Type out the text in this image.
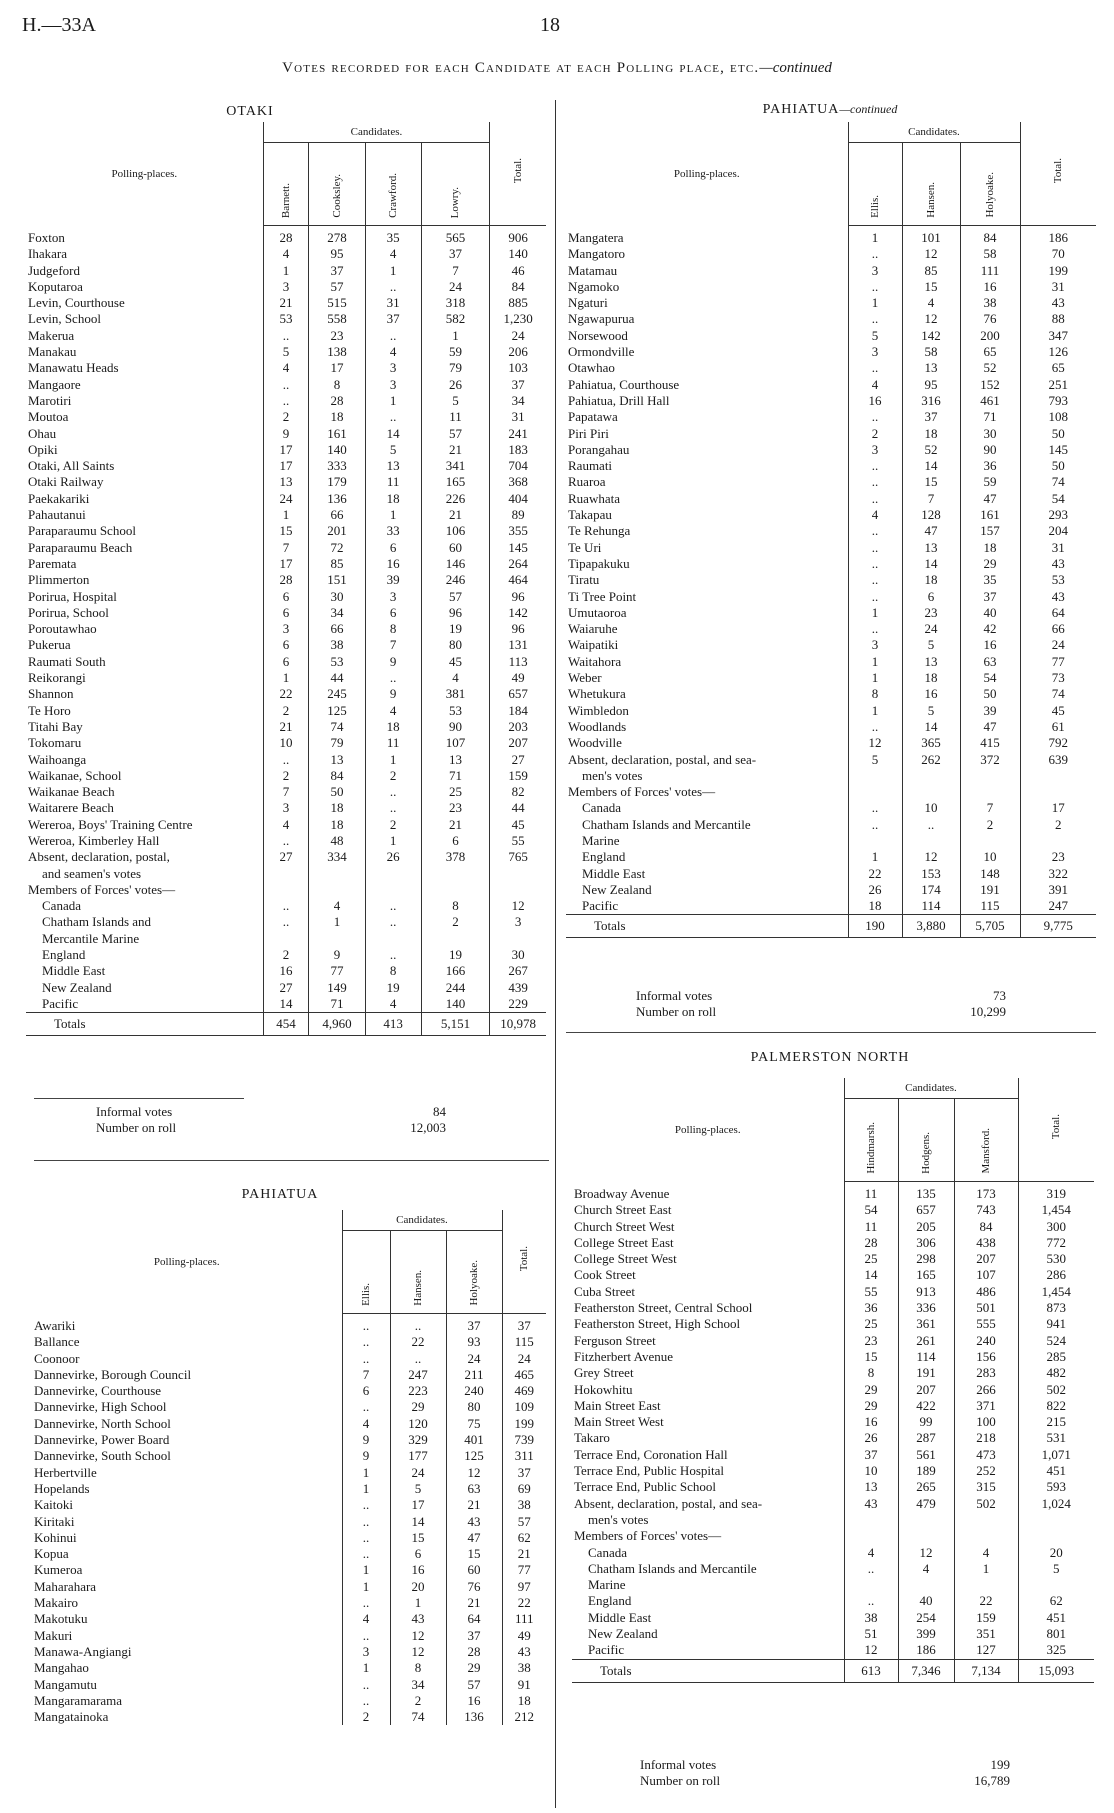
H.—33A	18
Votes recorded for each Candidate at each Polling place, etc.—continued
OTAKI
Polling-places.	Candidates.				Total.
	Barnett.	Cooksley.	Crawford.	Lowry.	
Foxton	28	278	35	565	906
Ihakara	4	95	4	37	140
Judgeford	1	37	1	7	46
Koputaroa	3	57	..	24	84
Levin, Courthouse	21	515	31	318	885
Levin, School	53	558	37	582	1,230
Makerua	..	23	..	1	24
Manakau	5	138	4	59	206
Manawatu Heads	4	17	3	79	103
Mangaore	..	8	3	26	37
Marotiri	..	28	1	5	34
Moutoa	2	18	..	11	31
Ohau	9	161	14	57	241
Opiki	17	140	5	21	183
Otaki, All Saints	17	333	13	341	704
Otaki Railway	13	179	11	165	368
Paekakariki	24	136	18	226	404
Pahautanui	1	66	1	21	89
Paraparaumu School	15	201	33	106	355
Paraparaumu Beach	7	72	6	60	145
Paremata	17	85	16	146	264
Plimmerton	28	151	39	246	464
Porirua, Hospital	6	30	3	57	96
Porirua, School	6	34	6	96	142
Poroutawhao	3	66	8	19	96
Pukerua	6	38	7	80	131
Raumati South	6	53	9	45	113
Reikorangi	1	44	..	4	49
Shannon	22	245	9	381	657
Te Horo	2	125	4	53	184
Titahi Bay	21	74	18	90	203
Tokomaru	10	79	11	107	207
Waihoanga	..	13	1	13	27
Waikanae, School	2	84	2	71	159
Waikanae Beach	7	50	..	25	82
Waitarere Beach	3	18	..	23	44
Wereroa, Boys' Training Centre	4	18	2	21	45
Wereroa, Kimberley Hall	..	48	1	6	55
Absent, declaration, postal,	27	334	26	378	765
and seamen's votes					
Members of Forces' votes—					
Canada	..	4	..	8	12
Chatham Islands and	..	1	..	2	3
Mercantile Marine					
England	2	9	..	19	30
Middle East	16	77	8	166	267
New Zealand	27	149	19	244	439
Pacific	14	71	4	140	229
Totals	454	4,960	413	5,151	10,978
Informal votes	84
Number on roll	12,003
PAHIATUA
Polling-places.	Candidates.			Total.
	Ellis.	Hansen.	Holyoake.	
Awariki	..	..	37	37
Ballance	..	22	93	115
Coonoor	..	..	24	24
Dannevirke, Borough Council	7	247	211	465
Dannevirke, Courthouse	6	223	240	469
Dannevirke, High School	..	29	80	109
Dannevirke, North School	4	120	75	199
Dannevirke, Power Board	9	329	401	739
Dannevirke, South School	9	177	125	311
Herbertville	1	24	12	37
Hopelands	1	5	63	69
Kaitoki	..	17	21	38
Kiritaki	..	14	43	57
Kohinui	..	15	47	62
Kopua	..	6	15	21
Kumeroa	1	16	60	77
Maharahara	1	20	76	97
Makairo	..	1	21	22
Makotuku	4	43	64	111
Makuri	..	12	37	49
Manawa-Angiangi	3	12	28	43
Mangahao	1	8	29	38
Mangamutu	..	34	57	91
Mangaramarama	..	2	16	18
Mangatainoka	2	74	136	212
PAHIATUA—continued
Polling-places.	Candidates.			Total.
	Ellis.	Hansen.	Holyoake.	
Mangatera	1	101	84	186
Mangatoro	..	12	58	70
Matamau	3	85	111	199
Ngamoko	..	15	16	31
Ngaturi	1	4	38	43
Ngawapurua	..	12	76	88
Norsewood	5	142	200	347
Ormondville	3	58	65	126
Otawhao	..	13	52	65
Pahiatua, Courthouse	4	95	152	251
Pahiatua, Drill Hall	16	316	461	793
Papatawa	..	37	71	108
Piri Piri	2	18	30	50
Porangahau	3	52	90	145
Raumati	..	14	36	50
Ruaroa	..	15	59	74
Ruawhata	..	7	47	54
Takapau	4	128	161	293
Te Rehunga	..	47	157	204
Te Uri	..	13	18	31
Tipapakuku	..	14	29	43
Tiratu	..	18	35	53
Ti Tree Point	..	6	37	43
Umutaoroa	1	23	40	64
Waiaruhe	..	24	42	66
Waipatiki	3	5	16	24
Waitahora	1	13	63	77
Weber	1	18	54	73
Whetukura	8	16	50	74
Wimbledon	1	5	39	45
Woodlands	..	14	47	61
Woodville	12	365	415	792
Absent, declaration, postal, and sea-	5	262	372	639
men's votes				
Members of Forces' votes—				
Canada	..	10	7	17
Chatham Islands and Mercantile	..	..	2	2
Marine				
England	1	12	10	23
Middle East	22	153	148	322
New Zealand	26	174	191	391
Pacific	18	114	115	247
Totals	190	3,880	5,705	9,775
Informal votes	73
Number on roll	10,299
PALMERSTON NORTH
Polling-places.	Candidates.			Total.
	Hindmarsh.	Hodgens.	Mansford.	
Broadway Avenue	11	135	173	319
Church Street East	54	657	743	1,454
Church Street West	11	205	84	300
College Street East	28	306	438	772
College Street West	25	298	207	530
Cook Street	14	165	107	286
Cuba Street	55	913	486	1,454
Featherston Street, Central School	36	336	501	873
Featherston Street, High School	25	361	555	941
Ferguson Street	23	261	240	524
Fitzherbert Avenue	15	114	156	285
Grey Street	8	191	283	482
Hokowhitu	29	207	266	502
Main Street East	29	422	371	822
Main Street West	16	99	100	215
Takaro	26	287	218	531
Terrace End, Coronation Hall	37	561	473	1,071
Terrace End, Public Hospital	10	189	252	451
Terrace End, Public School	13	265	315	593
Absent, declaration, postal, and sea-	43	479	502	1,024
men's votes				
Members of Forces' votes—				
Canada	4	12	4	20
Chatham Islands and Mercantile	..	4	1	5
Marine				
England	..	40	22	62
Middle East	38	254	159	451
New Zealand	51	399	351	801
Pacific	12	186	127	325
Totals	613	7,346	7,134	15,093
Informal votes	199
Number on roll	16,789
